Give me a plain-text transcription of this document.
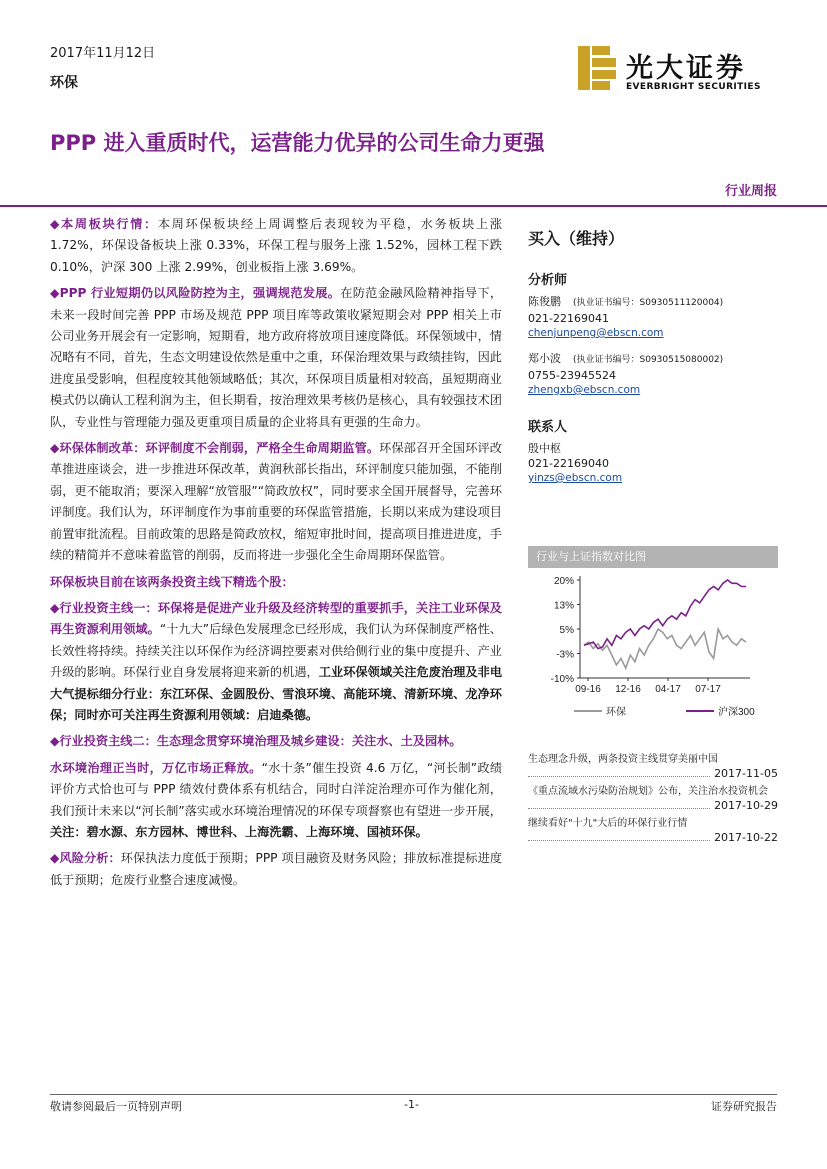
2017年11月12日
环保	光大证券
EVERBRIGHT SECURITIES
PPP 进入重质时代，运营能力优异的公司生命力更强
行业周报

◆本周板块行情：本周环保板块经上周调整后表现较为平稳，水务板块上涨 1.72%，环保设备板块上涨 0.33%，环保工程与服务上涨 1.52%，园林工程下跌 0.10%，沪深 300 上涨 2.99%，创业板指上涨 3.69%。

◆PPP 行业短期仍以风险防控为主，强调规范发展。在防范金融风险精神指导下，未来一段时间完善 PPP 市场及规范 PPP 项目库等政策收紧短期会对 PPP 相关上市公司业务开展会有一定影响，短期看，地方政府将放项目速度降低。环保领域中，情况略有不同，首先，生态文明建设依然是重中之重，环保治理效果与政绩挂钩，因此进度虽受影响，但程度较其他领域略低；其次，环保项目质量相对较高，虽短期商业模式仍以确认工程利润为主，但长期看，按治理效果考核仍是核心，具有较强技术团队，专业性与管理能力强及更重项目质量的企业将具有更强的生命力。

◆环保体制改革：环评制度不会削弱，严格全生命周期监管。环保部召开全国环评改革推进座谈会，进一步推进环保改革，黄润秋部长指出，环评制度只能加强，不能削弱，更不能取消；要深入理解“放管服”“简政放权”，同时要求全国开展督导，完善环评制度。我们认为，环评制度作为事前重要的环保监管措施，长期以来成为建设项目前置审批流程。目前政策的思路是简政放权，缩短审批时间，提高项目推进进度，手续的精简并不意味着监管的削弱，反而将进一步强化全生命周期环保监管。

环保板块目前在该两条投资主线下精选个股：

◆行业投资主线一：环保将是促进产业升级及经济转型的重要抓手，关注工业环保及再生资源利用领域。“十九大”后绿色发展理念已经形成，我们认为环保制度严格性、长效性将持续。持续关注以环保作为经济调控要素对供给侧行业的集中度提升、产业升级的影响。环保行业自身发展将迎来新的机遇，工业环保领域关注危废治理及非电大气提标细分行业：东江环保、金圆股份、雪浪环境、高能环境、清新环境、龙净环保；同时亦可关注再生资源利用领域：启迪桑德。

◆行业投资主线二：生态理念贯穿环境治理及城乡建设：关注水、土及园林。

水环境治理正当时，万亿市场正释放。“水十条”催生投资 4.6 万亿，“河长制”政绩评价方式恰也可与 PPP 绩效付费体系有机结合，同时白洋淀治理亦可作为催化剂，我们预计未来以“河长制”落实或水环境治理情况的环保专项督察也有望进一步开展，关注：碧水源、东方园林、博世科、上海洗霸、上海环境、国祯环保。

◆风险分析：环保执法力度低于预期；PPP 项目融资及财务风险；排放标准提标进度低于预期；危废行业整合速度减慢。

买入（维持）
分析师
陈俊鹏 (执业证书编号：S0930511120004)
021-22169041
chenjunpeng@ebscn.com
郑小波 (执业证书编号：S0930515080002)
0755-23945524
zhengxb@ebscn.com
联系人
殷中枢
021-22169040
yinzs@ebscn.com
行业与上证指数对比图
20%
13%
5%
-3%
-10%
09-16 12-16 04-17 07-17
环保	沪深300
生态理念升级，两条投资主线贯穿美丽中国
2017-11-05
《重点流域水污染防治规划》公布，关注治水投资机会
2017-10-29
继续看好"十九"大后的环保行业行情
2017-10-22
敬请参阅最后一页特别声明	-1-	证券研究报告
